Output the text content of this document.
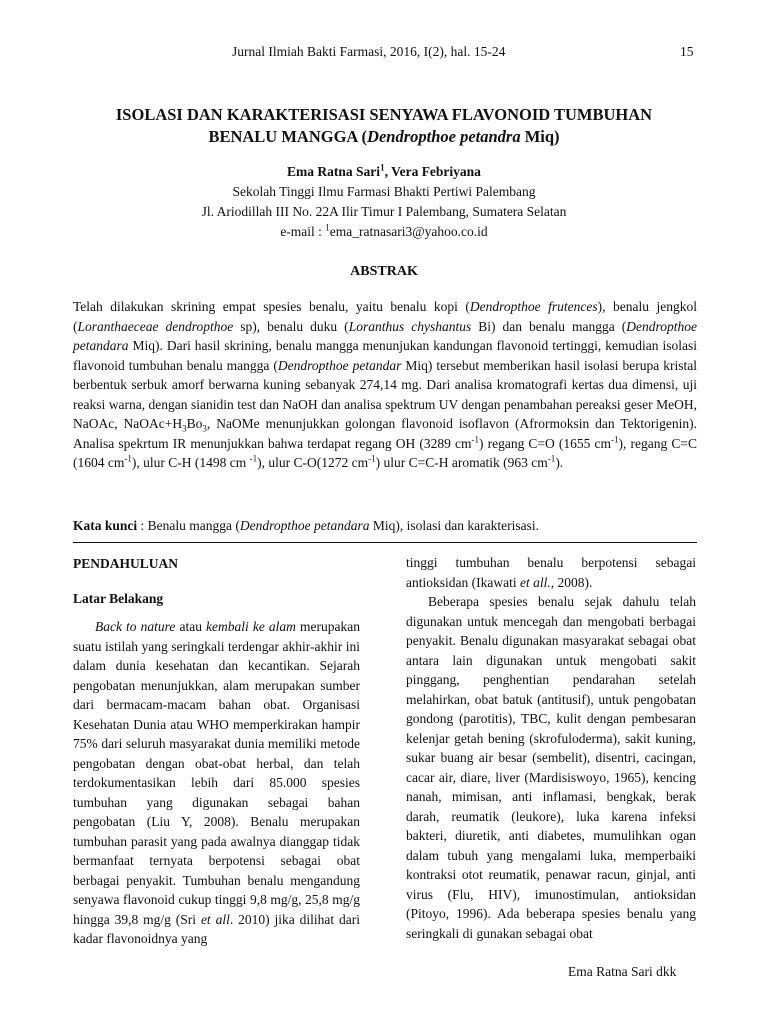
Jurnal Ilmiah Bakti Farmasi, 2016, I(2), hal. 15-24	15
ISOLASI DAN KARAKTERISASI SENYAWA FLAVONOID TUMBUHAN
BENALU MANGGA (Dendropthoe petandra Miq)
Ema Ratna Sari$^1$, Vera Febriyana
Sekolah Tinggi Ilmu Farmasi Bhakti Pertiwi Palembang
Jl. Ariodillah III No. 22A Ilir Timur I Palembang, Sumatera Selatan
e-mail : $^1$ema_ratnasari3@yahoo.co.id
ABSTRAK
Telah dilakukan skrining empat spesies benalu, yaitu benalu kopi (Dendropthoe frutences), benalu jengkol (Loranthaeceae dendropthoe sp), benalu duku (Loranthus chyshantus Bi) dan benalu mangga (Dendropthoe petandara Miq). Dari hasil skrining, benalu mangga menunjukan kandungan flavonoid tertinggi, kemudian isolasi flavonoid tumbuhan benalu mangga (Dendropthoe petandar Miq) tersebut memberikan hasil isolasi berupa kristal berbentuk serbuk amorf berwarna kuning sebanyak 274,14 mg. Dari analisa kromatografi kertas dua dimensi, uji reaksi warna, dengan sianidin test dan NaOH dan analisa spektrum UV dengan penambahan pereaksi geser MeOH, NaOAc, $NaOAc+H_3Bo_3$, NaOMe menunjukkan golongan flavonoid isoflavon (Afrormoksin dan Tektorigenin). Analisa spekrtum IR menunjukkan bahwa terdapat regang OH (3289 $cm^{-1}$) regang C=O (1655 $cm^{-1}$), regang C=C (1604 $cm^{-1}$), ulur C-H (1498 cm $^{-1}$), ulur C-O(1272 $cm^{-1}$) ulur C=C-H aromatik (963 $cm^{-1}$).
Kata kunci : Benalu mangga (Dendropthoe petandara Miq), isolasi dan karakterisasi.
PENDAHULUAN
Latar Belakang

Back to nature atau kembali ke alam merupakan suatu istilah yang seringkali terdengar akhir-akhir ini dalam dunia kesehatan dan kecantikan. Sejarah pengobatan menunjukkan, alam merupakan sumber dari bermacam-macam bahan obat. Organisasi Kesehatan Dunia atau WHO memperkirakan hampir 75% dari seluruh masyarakat dunia memiliki metode pengobatan dengan obat-obat herbal, dan telah terdokumentasikan lebih dari 85.000 spesies tumbuhan yang digunakan sebagai bahan pengobatan (Liu Y, 2008). Benalu merupakan tumbuhan parasit yang pada awalnya dianggap tidak bermanfaat ternyata berpotensi sebagai obat berbagai penyakit. Tumbuhan benalu mengandung senyawa flavonoid cukup tinggi 9,8 mg/g, 25,8 mg/g hingga 39,8 mg/g (Sri et all. 2010) jika dilihat dari kadar flavonoidnya yang

tinggi tumbuhan benalu berpotensi sebagai antioksidan (Ikawati et all., 2008).

Beberapa spesies benalu sejak dahulu telah digunakan untuk mencegah dan mengobati berbagai penyakit. Benalu digunakan masyarakat sebagai obat antara lain digunakan untuk mengobati sakit pinggang, penghentian pendarahan setelah melahirkan, obat batuk (antitusif), untuk pengobatan gondong (parotitis), TBC, kulit dengan pembesaran kelenjar getah bening (skrofuloderma), sakit kuning, sukar buang air besar (sembelit), disentri, cacingan, cacar air, diare, liver (Mardisiswoyo, 1965), kencing nanah, mimisan, anti inflamasi, bengkak, berak darah, reumatik (leukore), luka karena infeksi bakteri, diuretik, anti diabetes, mumulihkan ogan dalam tubuh yang mengalami luka, memperbaiki kontraksi otot reumatik, penawar racun, ginjal, anti virus (Flu, HIV), imunostimulan, antioksidan (Pitoyo, 1996). Ada beberapa spesies benalu yang seringkali di gunakan sebagai obat

Ema Ratna Sari dkk
